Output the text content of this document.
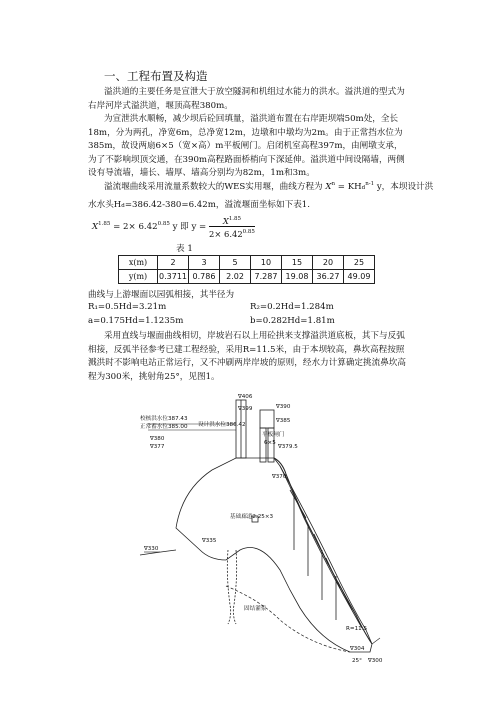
一、工程布置及构造
溢洪道的主要任务是宣泄大于放空隧洞和机组过水能力的洪水。溢洪道的型式为右岸河岸式溢洪道，堰顶高程380m。
为宣泄洪水顺畅，减少坝后砼回填量，溢洪道布置在右岸距坝端50m处，全长18m，分为两孔，净宽6m，总净宽12m，边墩和中墩均为2m。由于正常挡水位为385m，故设两扇6×5（宽×高）m平板闸门。启闭机室高程397m，由闸墩支承，为了不影响坝顶交通，在390m高程路面桥梢向下深延伸。溢洪道中间设隔墙，两侧设有导流墙，墙长、墙厚、墙高分别均为82m，1m和3m。
溢流堰曲线采用流量系数较大的WES实用堰，曲线方程为 $X^n = KHd^{n-1}$ y，本坝设计洪
水水头Hd=386.42-380=6.42m，溢流堰面坐标如下表1.
$X^{1.85} = 2\times 6.42^{0.85}$ y 即 $y = \frac{X^{1.85}}{2\times 6.42^{0.85}}$
表 1
x(m)	2	3	5	10	15	20	25
y(m)	0.3711	0.786	2.02	7.287	19.08	36.27	49.09
曲线与上游堰面以园弧相接，其半径为
R₁=0.5Hd=3.21m	R₂=0.2Hd=1.284m
a=0.175Hd=1.1235m	b=0.282Hd=1.81m
采用直线与堰面曲线相切，岸坡岩石以上用砼拱来支撑溢洪道底板，其下与反弧相接，反弧半径参考已建工程经验，采用R=11.5米，由于本坝较高，鼻坎高程按照溅洪时不影响电站正常运行，又不冲刷两岸岸坡的原则，经水力计算确定挑流鼻坎高程为300米，挑射角25°，见图1。
∇406
∇399	∇390
∇385
校核洪水位387.43
正常蓄水位385.00 设计洪水位386.42
平板闸门
6×5
∇380
∇377	∇379.5
∇370
基础廊道2.25×3
∇335
∇330
固结灌浆
R=11.5
∇304
25° ∇300
